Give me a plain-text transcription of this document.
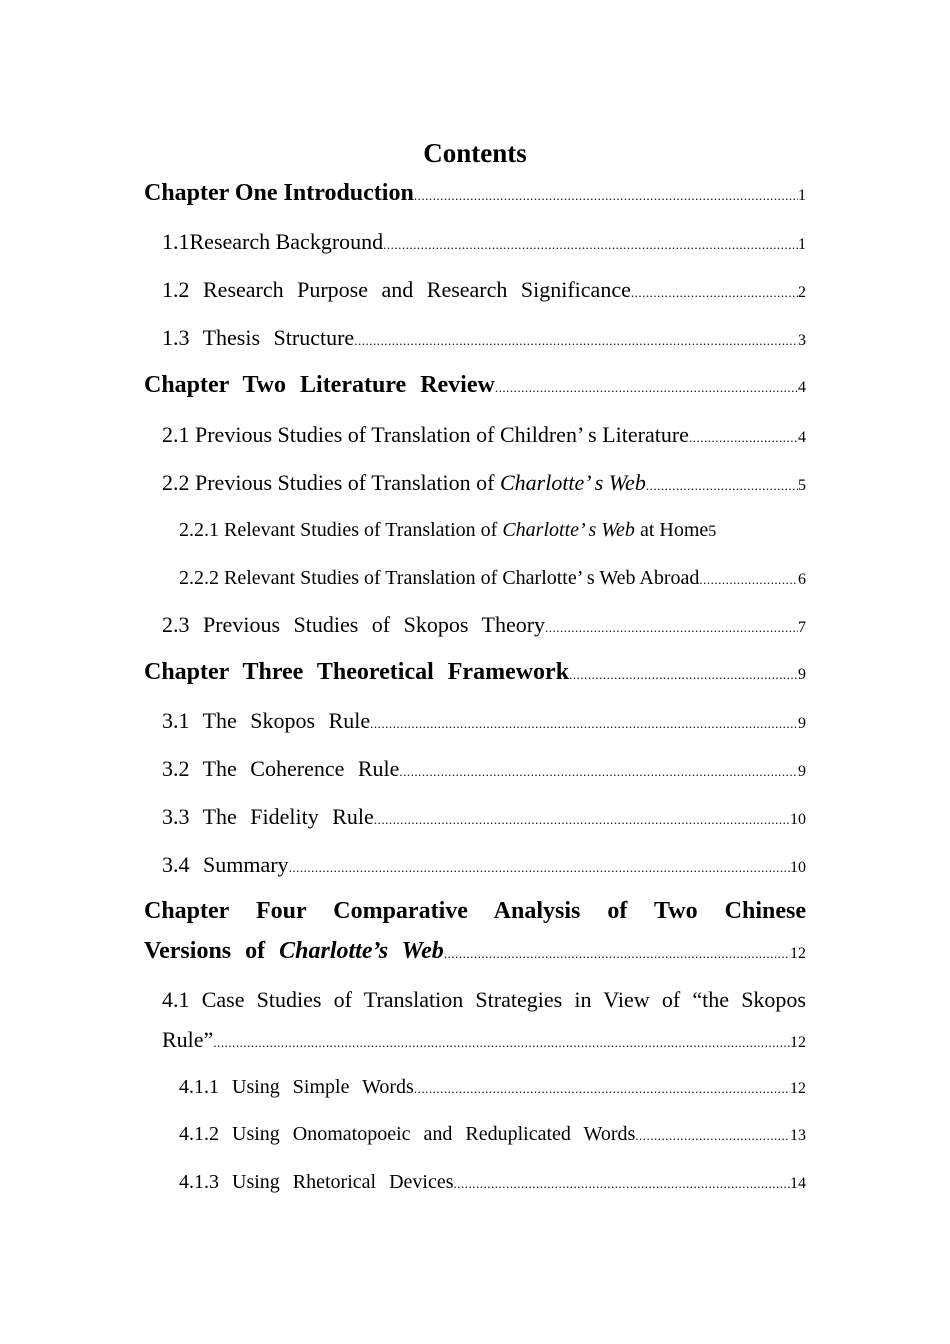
Contents
Chapter One Introduction .....	1
1.1Research Background .....	1
1.2 Research Purpose and Research Significance .....	2
1.3 Thesis Structure .....	3
Chapter Two Literature Review .....	4
2.1 Previous Studies of Translation of Children’ s Literature .....	4
2.2 Previous Studies of Translation of Charlotte’ s Web .....	5
2.2.1 Relevant Studies of Translation of Charlotte’ s Web at Home 5
2.2.2 Relevant Studies of Translation of Charlotte’ s Web Abroad .....	6
2.3 Previous Studies of Skopos Theory .....	7
Chapter Three Theoretical Framework .....	9
3.1 The Skopos Rule .....	9
3.2 The Coherence Rule .....	9
3.3 The Fidelity Rule .....	10
3.4 Summary .....	10
Chapter Four Comparative Analysis of Two Chinese
Versions of Charlotte’s Web .....	12
4.1 Case Studies of Translation Strategies in View of “the Skopos
Rule” .....	12
4.1.1 Using Simple Words .....	12
4.1.2 Using Onomatopoeic and Reduplicated Words .....	13
4.1.3 Using Rhetorical Devices .....	14
